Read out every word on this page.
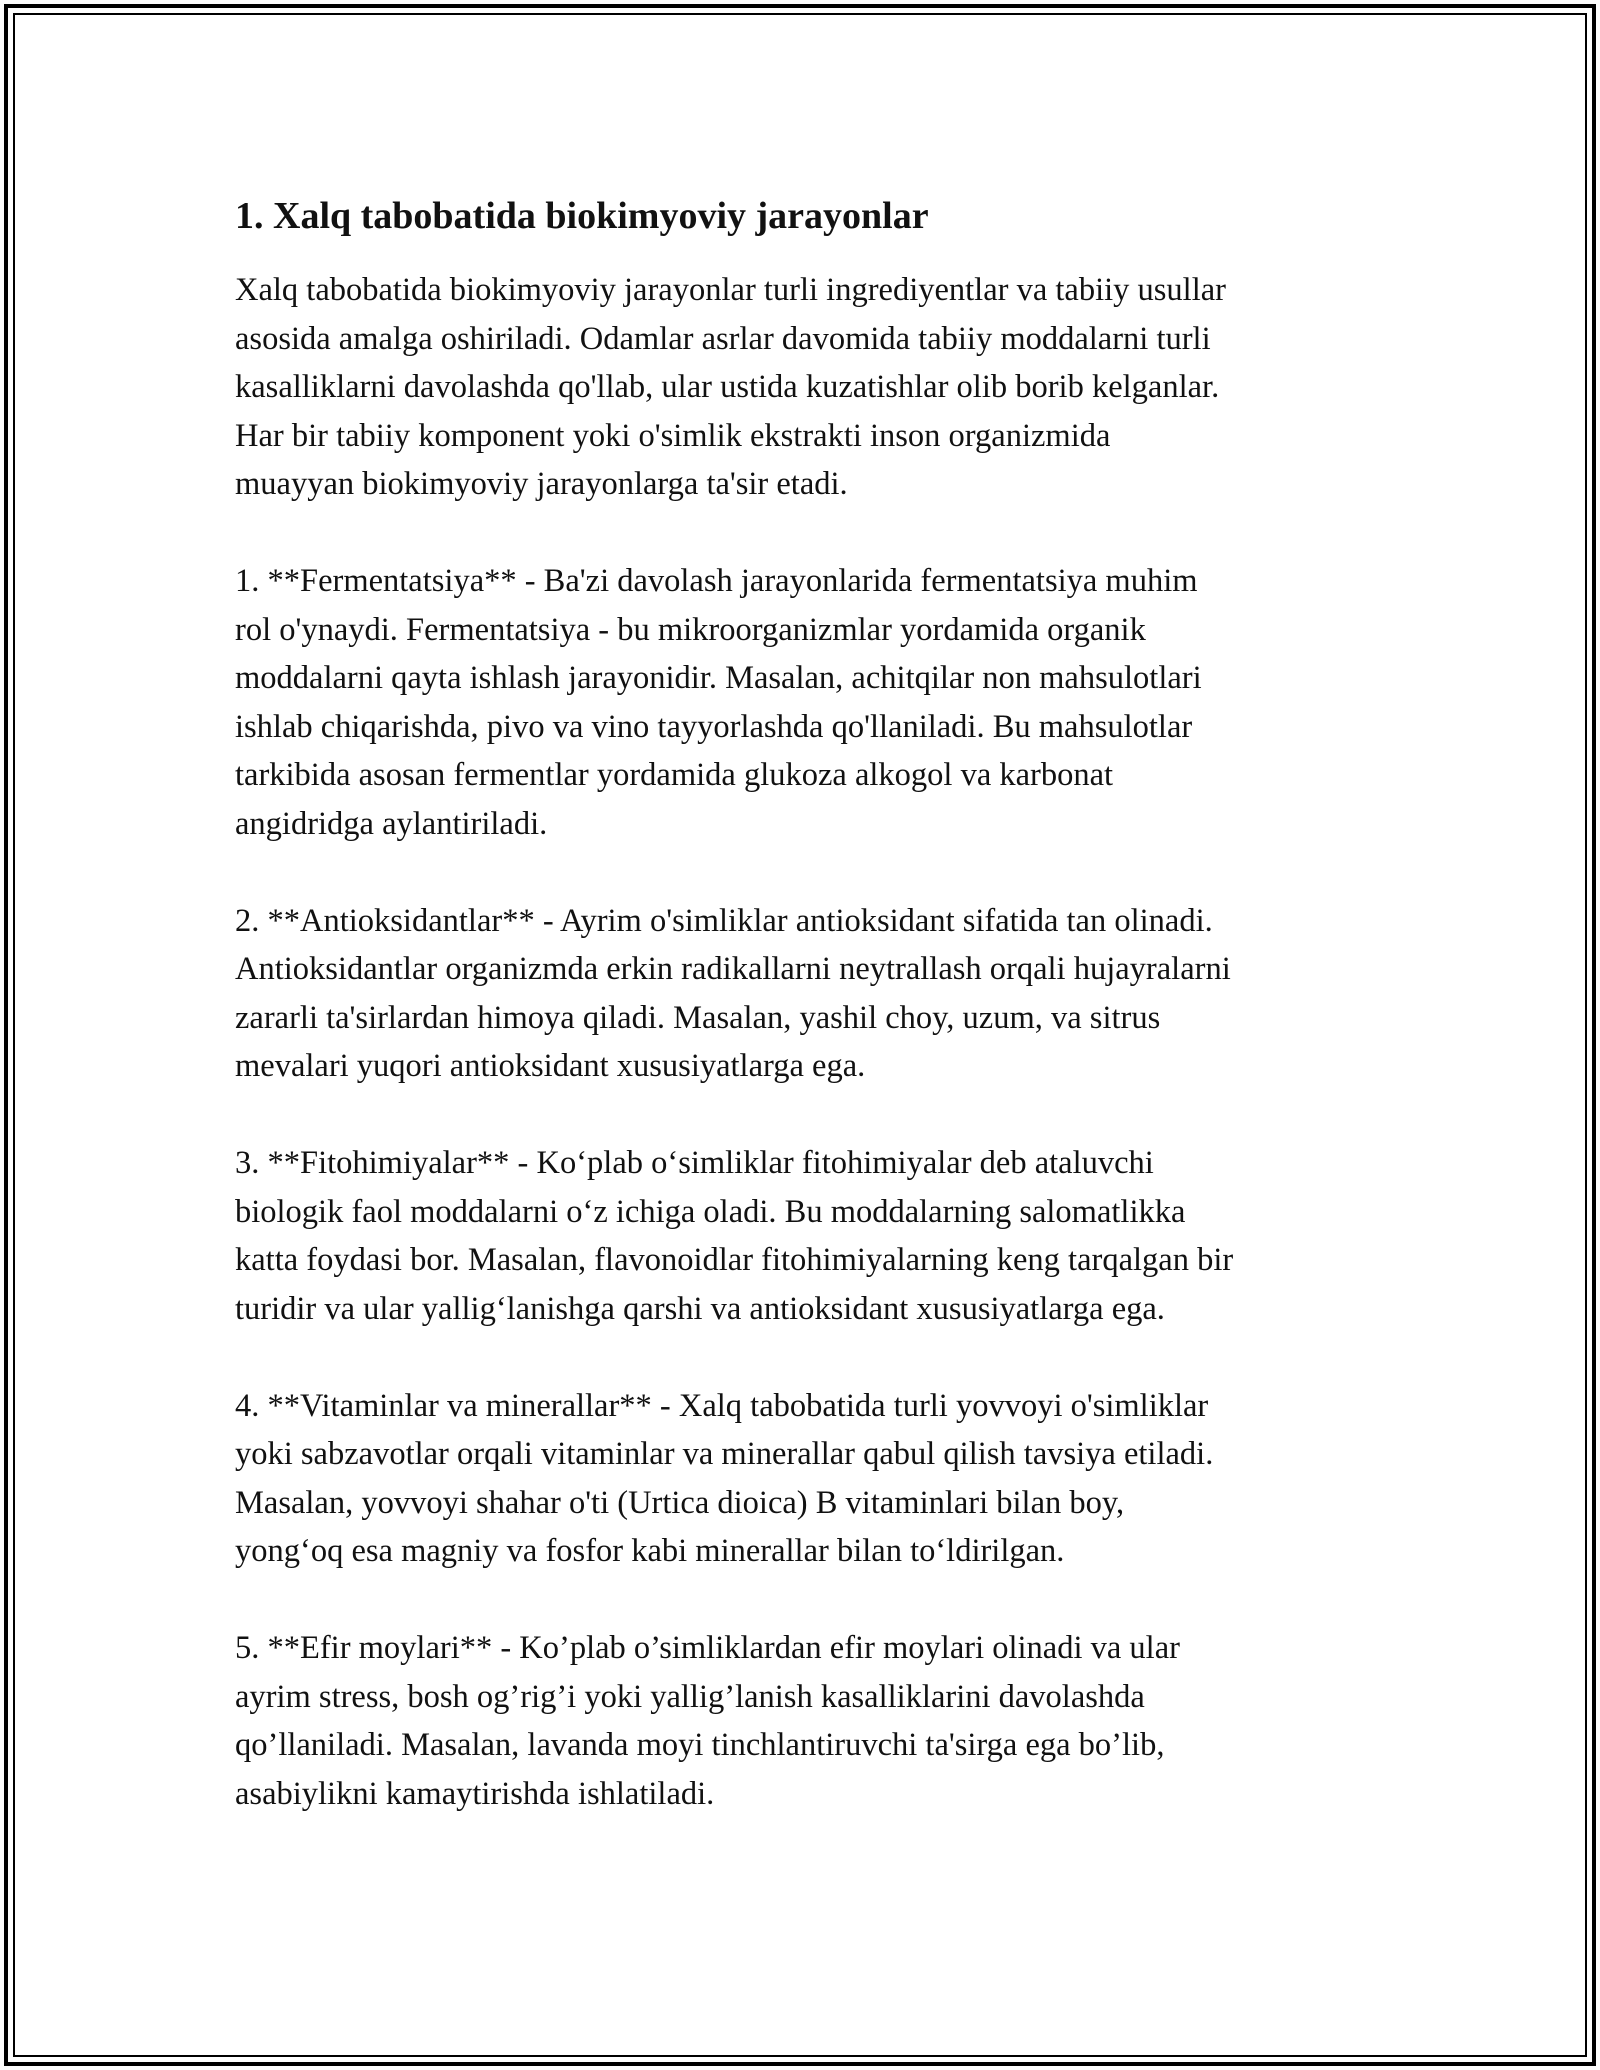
1. Xalq tabobatida biokimyoviy jarayonlar

Xalq tabobatida biokimyoviy jarayonlar turli ingrediyentlar va tabiiy usullar
asosida amalga oshiriladi. Odamlar asrlar davomida tabiiy moddalarni turli
kasalliklarni davolashda qo'llab, ular ustida kuzatishlar olib borib kelganlar.
Har bir tabiiy komponent yoki o'simlik ekstrakti inson organizmida
muayyan biokimyoviy jarayonlarga ta'sir etadi.

1. **Fermentatsiya** - Ba'zi davolash jarayonlarida fermentatsiya muhim
rol o'ynaydi. Fermentatsiya - bu mikroorganizmlar yordamida organik
moddalarni qayta ishlash jarayonidir. Masalan, achitqilar non mahsulotlari
ishlab chiqarishda, pivo va vino tayyorlashda qo'llaniladi. Bu mahsulotlar
tarkibida asosan fermentlar yordamida glukoza alkogol va karbonat
angidridga aylantiriladi.

2. **Antioksidantlar** - Ayrim o'simliklar antioksidant sifatida tan olinadi.
Antioksidantlar organizmda erkin radikallarni neytrallash orqali hujayralarni
zararli ta'sirlardan himoya qiladi. Masalan, yashil choy, uzum, va sitrus
mevalari yuqori antioksidant xususiyatlarga ega.

3. **Fitohimiyalar** - Ko‘plab o‘simliklar fitohimiyalar deb ataluvchi
biologik faol moddalarni o‘z ichiga oladi. Bu moddalarning salomatlikka
katta foydasi bor. Masalan, flavonoidlar fitohimiyalarning keng tarqalgan bir
turidir va ular yallig‘lanishga qarshi va antioksidant xususiyatlarga ega.

4. **Vitaminlar va minerallar** - Xalq tabobatida turli yovvoyi o'simliklar
yoki sabzavotlar orqali vitaminlar va minerallar qabul qilish tavsiya etiladi.
Masalan, yovvoyi shahar o'ti (Urtica dioica) B vitaminlari bilan boy,
yong‘oq esa magniy va fosfor kabi minerallar bilan to‘ldirilgan.

5. **Efir moylari** - Ko’plab o’simliklardan efir moylari olinadi va ular
ayrim stress, bosh og’rig’i yoki yallig’lanish kasalliklarini davolashda
qo’llaniladi. Masalan, lavanda moyi tinchlantiruvchi ta'sirga ega bo’lib,
asabiylikni kamaytirishda ishlatiladi.
